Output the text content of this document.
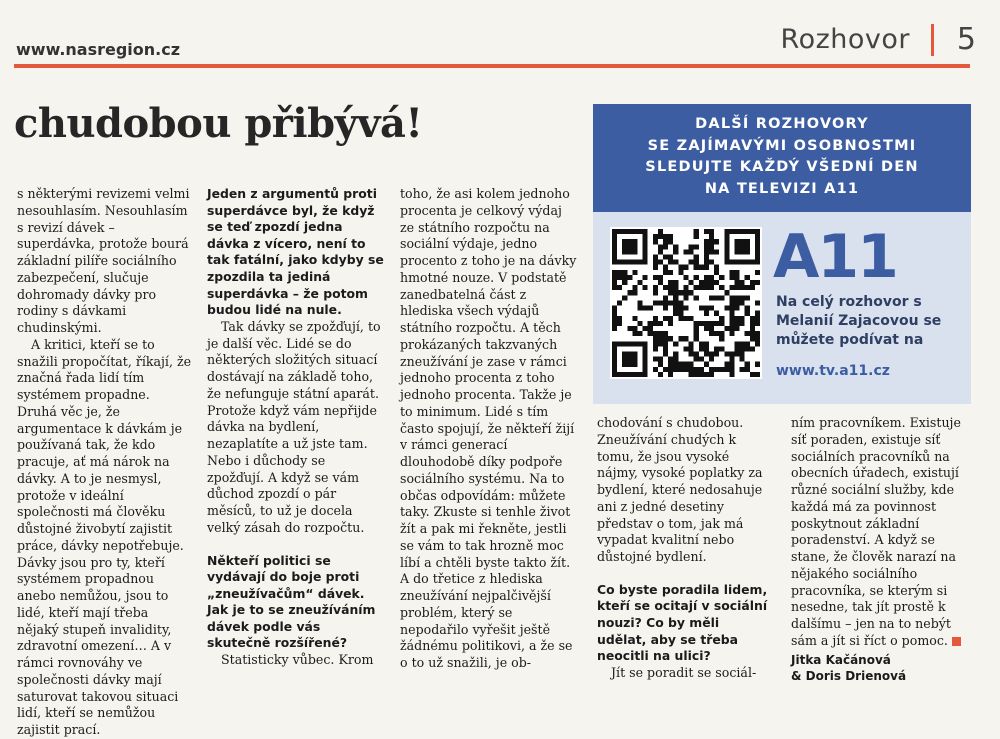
www.nasregion.cz	Rozhovor 5
chudobou přibývá!

s některými revizemi velmi nesouhlasím. Nesouhlasím s revizí dávek – superdávka, protože bourá základní pilíře sociálního zabezpečení, slučuje dohromady dávky pro rodiny s dávkami chudinskými.

A kritici, kteří se to snažili propočítat, říkají, že značná řada lidí tím systémem propadne. Druhá věc je, že argumentace k dávkám je používaná tak, že kdo pracuje, ať má nárok na dávky. A to je nesmysl, protože v ideální společnosti má člověku důstojné živobytí zajistit práce, dávky nepotřebuje. Dávky jsou pro ty, kteří systémem propadnou anebo nemůžou, jsou to lidé, kteří mají třeba nějaký stupeň invalidity, zdravotní omezení… A v rámci rovnováhy ve společnosti dávky mají saturovat takovou situaci lidí, kteří se nemůžou zajistit prací.

Jeden z argumentů proti superdávce byl, že když se teď zpozdí jedna dávka z vícero, není to tak fatální, jako kdyby se zpozdila ta jediná superdávka – že potom budou lidé na nule.

Tak dávky se zpožďují, to je další věc. Lidé se do některých složitých situací dostávají na základě toho, že nefunguje státní aparát. Protože když vám nepřijde dávka na bydlení, nezaplatíte a už jste tam. Nebo i důchody se zpožďují. A když se vám důchod zpozdí o pár měsíců, to už je docela velký zásah do rozpočtu.

Někteří politici se vydávají do boje proti „zneužívačům“ dávek. Jak je to se zneužíváním dávek podle vás skutečně rozšířené?

Statisticky vůbec. Krom

toho, že asi kolem jednoho procenta je celkový výdaj ze státního rozpočtu na sociální výdaje, jedno procento z toho je na dávky hmotné nouze. V podstatě zanedbatelná část z hlediska všech výdajů státního rozpočtu. A těch prokázaných takzvaných zneužívání je zase v rámci jednoho procenta z toho jednoho procenta. Takže je to minimum. Lidé s tím často spojují, že někteří žijí v rámci generací dlouhodobě díky podpoře sociálního systému. Na to občas odpovídám: můžete taky. Zkuste si tenhle život žít a pak mi řekněte, jestli se vám to tak hrozně moc líbí a chtěli byste takto žít. A do třetice z hlediska zneužívání nejpalčivější problém, který se nepodařilo vyřešit ještě žádnému politikovi, a že se o to už snažili, je ob-

DALŠÍ ROZHOVORY
SE ZAJÍMAVÝMI OSOBNOSTMI
SLEDUJTE KAŽDÝ VŠEDNÍ DEN
NA TELEVIZI A11
A11
Na celý rozhovor s Melanií Zajacovou se můžete podívat na
www.tv.a11.cz

chodování s chudobou. Zneužívání chudých k tomu, že jsou vysoké nájmy, vysoké poplatky za bydlení, které nedosahuje ani z jedné desetiny představ o tom, jak má vypadat kvalitní nebo důstojné bydlení.

Co byste poradila lidem, kteří se ocitají v sociální nouzi? Co by měli udělat, aby se třeba neocitli na ulici?

Jít se poradit se sociál-

ním pracovníkem. Existuje síť poraden, existuje síť sociálních pracovníků na obecních úřadech, existují různé sociální služby, kde každá má za povinnost poskytnout základní poradenství. A když se stane, že člověk narazí na nějakého sociálního pracovníka, se kterým si nesedne, tak jít prostě k dalšímu – jen na to nebýt sám a jít si říct o pomoc.

Jitka Kačánová
& Doris Drienová
